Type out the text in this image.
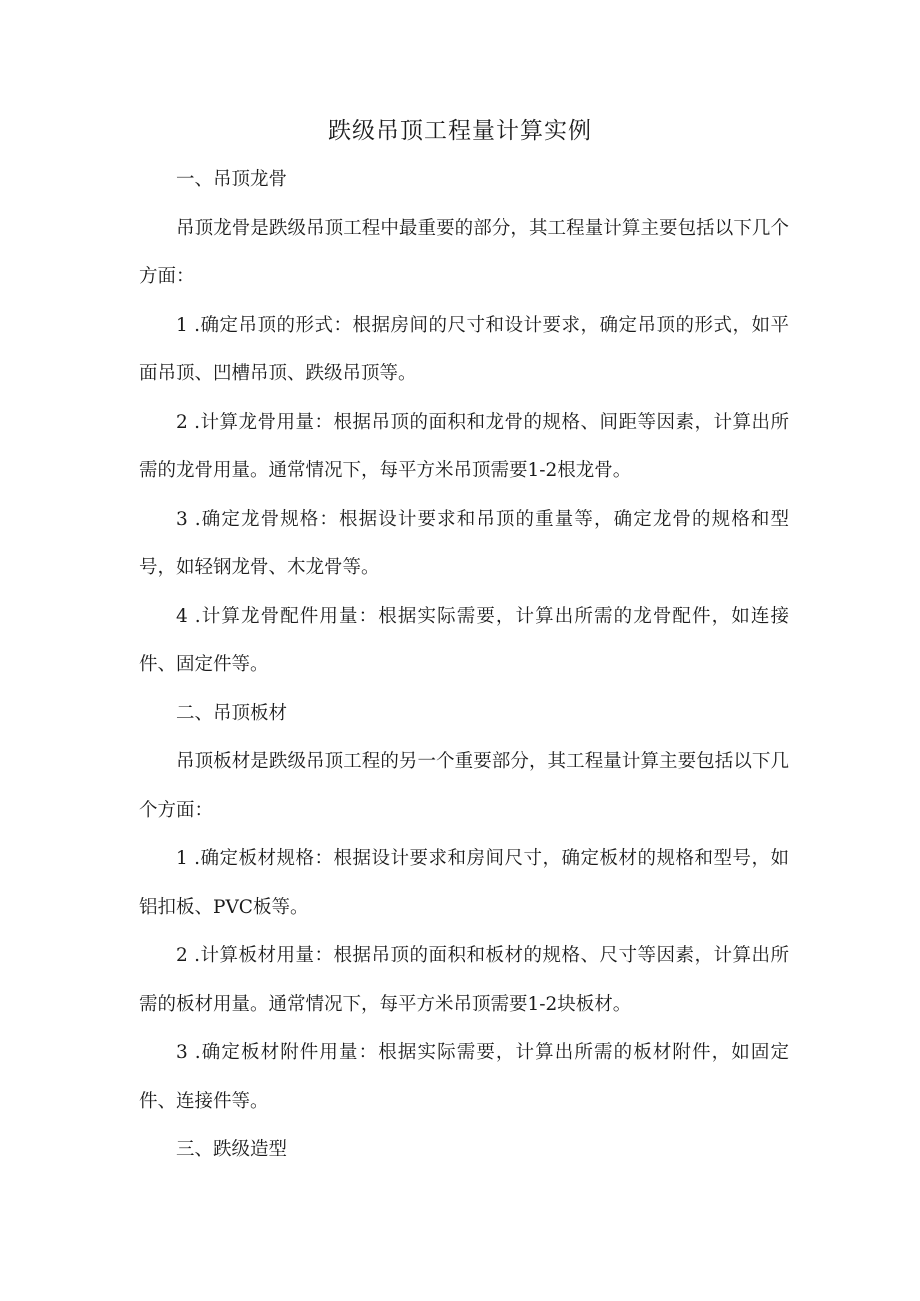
跌级吊顶工程量计算实例

一、吊顶龙骨

吊顶龙骨是跌级吊顶工程中最重要的部分，其工程量计算主要包括以下几个方面：

1 .确定吊顶的形式：根据房间的尺寸和设计要求，确定吊顶的形式，如平面吊顶、凹槽吊顶、跌级吊顶等。

2 .计算龙骨用量：根据吊顶的面积和龙骨的规格、间距等因素，计算出所需的龙骨用量。通常情况下，每平方米吊顶需要1-2根龙骨。

3 .确定龙骨规格：根据设计要求和吊顶的重量等，确定龙骨的规格和型号，如轻钢龙骨、木龙骨等。

4 .计算龙骨配件用量：根据实际需要，计算出所需的龙骨配件，如连接件、固定件等。

二、吊顶板材

吊顶板材是跌级吊顶工程的另一个重要部分，其工程量计算主要包括以下几个方面：

1 .确定板材规格：根据设计要求和房间尺寸，确定板材的规格和型号，如铝扣板、PVC板等。

2 .计算板材用量：根据吊顶的面积和板材的规格、尺寸等因素，计算出所需的板材用量。通常情况下，每平方米吊顶需要1-2块板材。

3 .确定板材附件用量：根据实际需要，计算出所需的板材附件，如固定件、连接件等。

三、跌级造型
